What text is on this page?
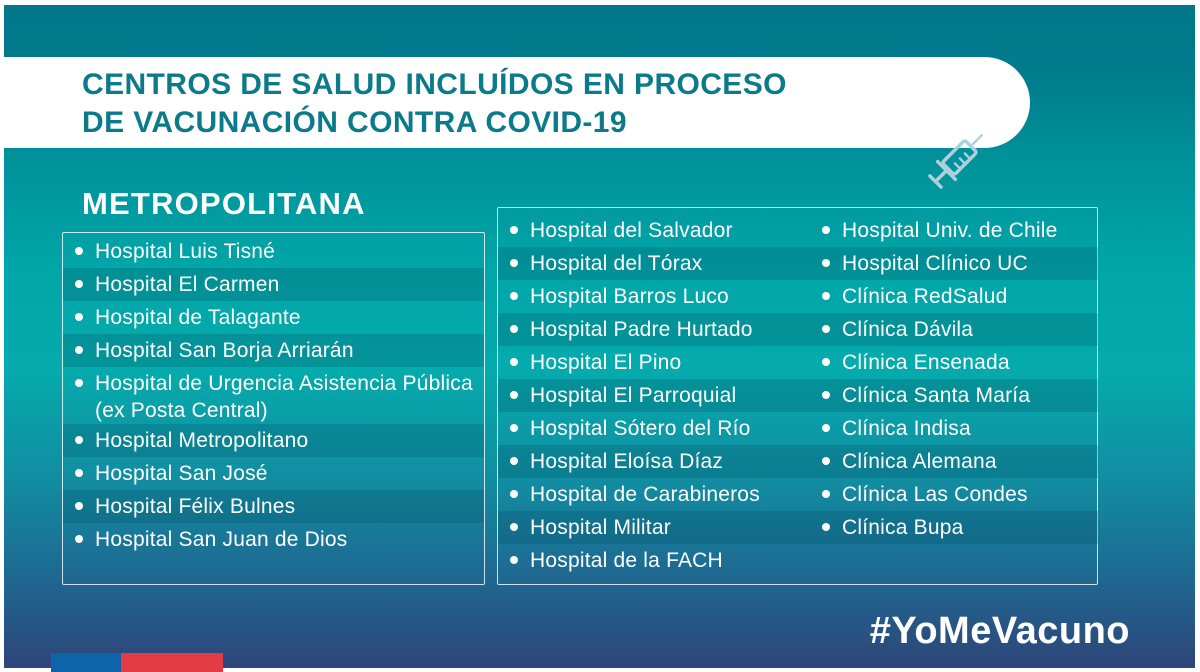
CENTROS DE SALUD INCLUÍDOS EN PROCESO
DE VACUNACIÓN CONTRA COVID-19
METROPOLITANA
Hospital Luis Tisné
Hospital El Carmen
Hospital de Talagante
Hospital San Borja Arriarán
Hospital de Urgencia Asistencia Pública (ex Posta Central)
Hospital Metropolitano
Hospital San José
Hospital Félix Bulnes
Hospital San Juan de Dios
Hospital del Salvador
Hospital del Tórax
Hospital Barros Luco
Hospital Padre Hurtado
Hospital El Pino
Hospital El Parroquial
Hospital Sótero del Río
Hospital Eloísa Díaz
Hospital de Carabineros
Hospital Militar
Hospital de la FACH
Hospital Univ. de Chile
Hospital Clínico UC
Clínica RedSalud
Clínica Dávila
Clínica Ensenada
Clínica Santa María
Clínica Indisa
Clínica Alemana
Clínica Las Condes
Clínica Bupa
#YoMeVacuno
